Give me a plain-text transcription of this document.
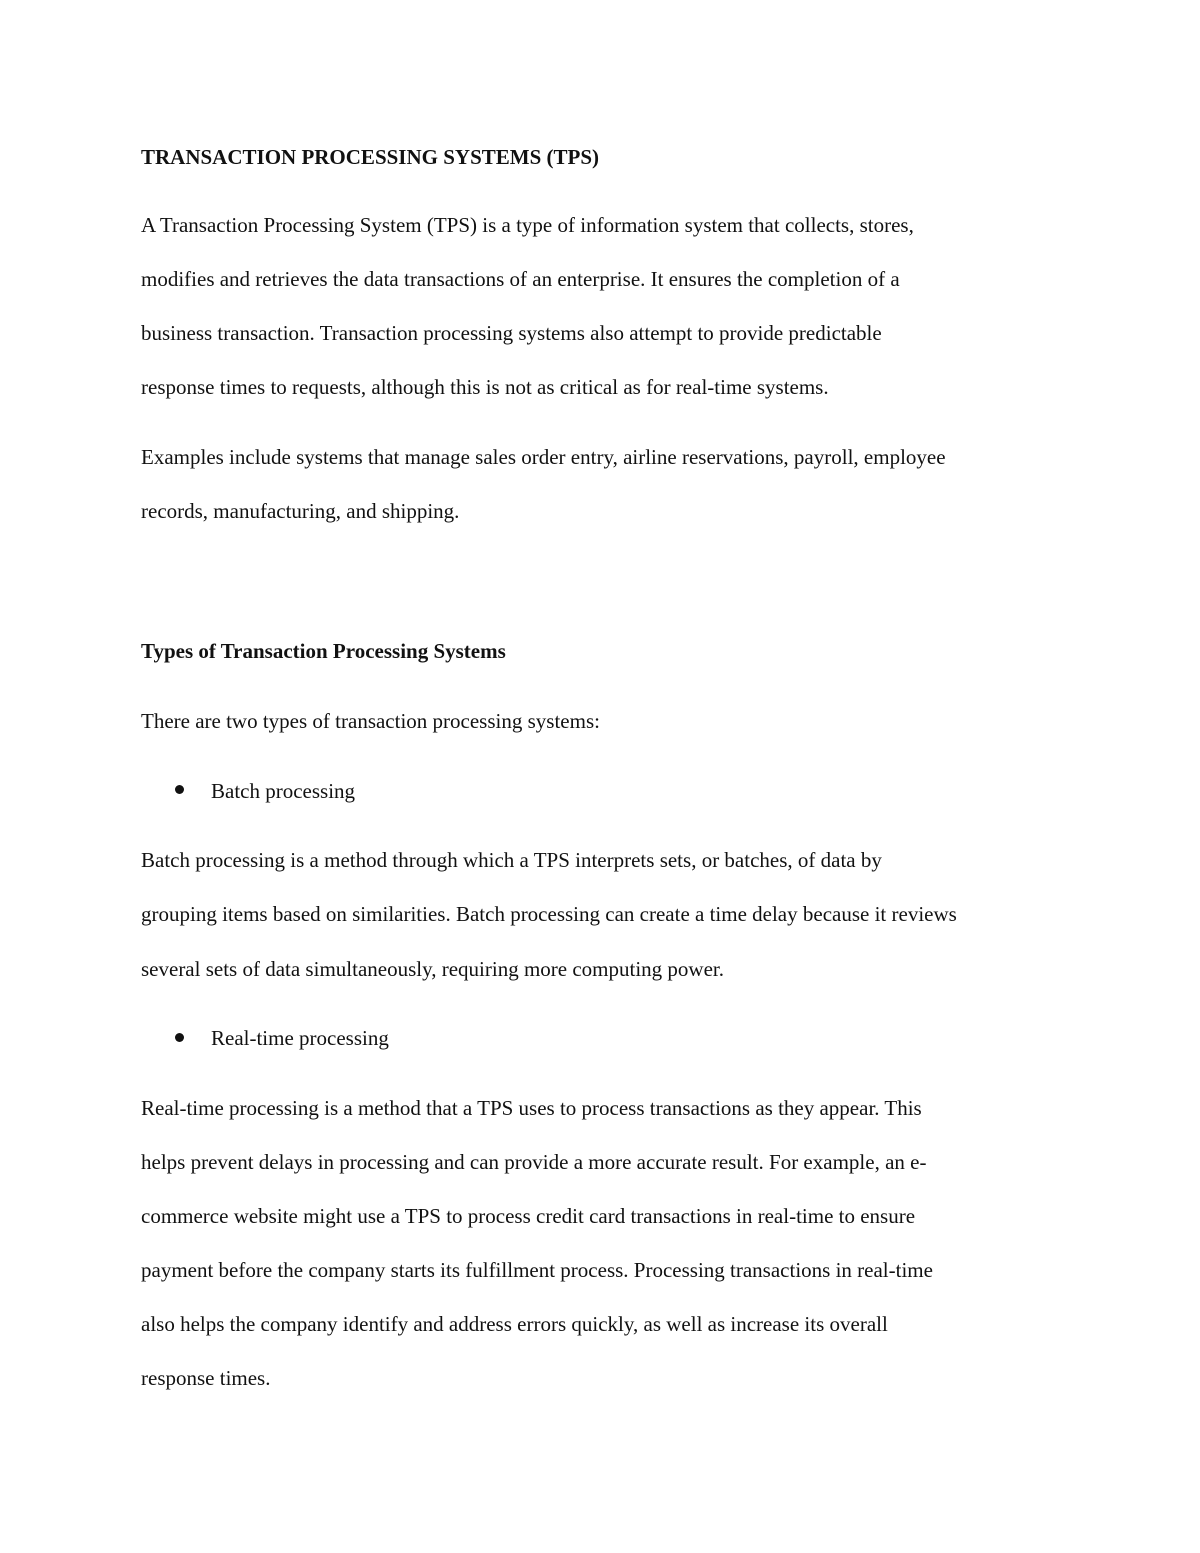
TRANSACTION PROCESSING SYSTEMS (TPS)

A Transaction Processing System (TPS) is a type of information system that collects, stores,

modifies and retrieves the data transactions of an enterprise. It ensures the completion of a

business transaction. Transaction processing systems also attempt to provide predictable

response times to requests, although this is not as critical as for real-time systems.

Examples include systems that manage sales order entry, airline reservations, payroll, employee

records, manufacturing, and shipping.

Types of Transaction Processing Systems

There are two types of transaction processing systems:

Batch processing

Batch processing is a method through which a TPS interprets sets, or batches, of data by

grouping items based on similarities. Batch processing can create a time delay because it reviews

several sets of data simultaneously, requiring more computing power.

Real-time processing

Real-time processing is a method that a TPS uses to process transactions as they appear. This

helps prevent delays in processing and can provide a more accurate result. For example, an e-

commerce website might use a TPS to process credit card transactions in real-time to ensure

payment before the company starts its fulfillment process. Processing transactions in real-time

also helps the company identify and address errors quickly, as well as increase its overall

response times.
